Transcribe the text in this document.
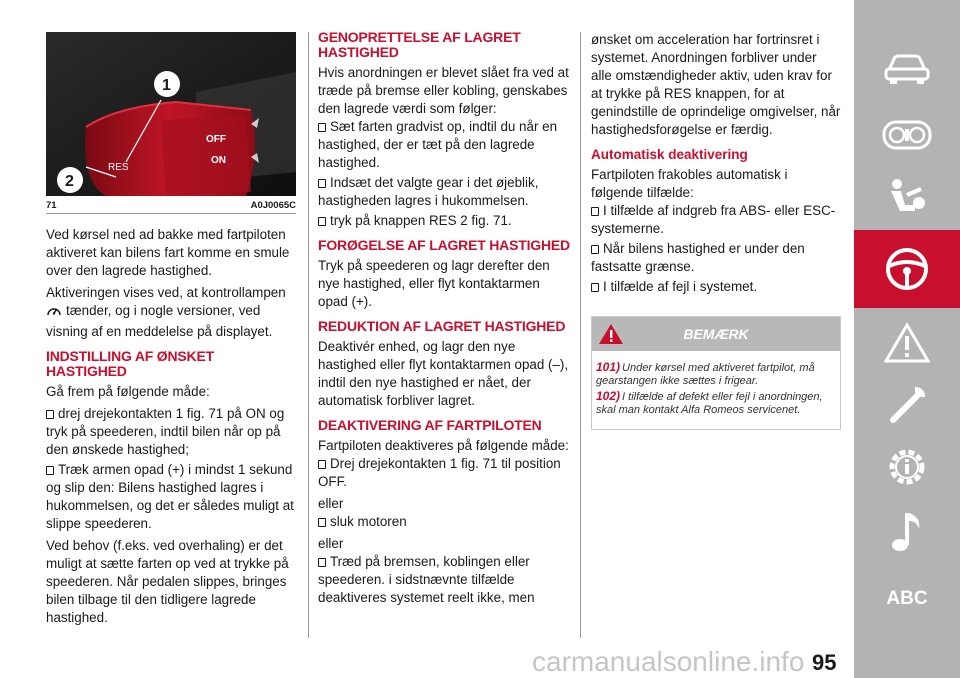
OFF
ON
RES
1
2
71	A0J0065C

Ved kørsel ned ad bakke med fartpiloten aktiveret kan bilens fart komme en smule over den lagrede hastighed.

Aktiveringen vises ved, at kontrollampen
tænder, og i nogle versioner, ved visning af en meddelelse på displayet.

INDSTILLING AF ØNSKET HASTIGHED

Gå frem på følgende måde:

drej drejekontakten 1 fig. 71 på ON og tryk på speederen, indtil bilen når op på den ønskede hastighed;

Træk armen opad (+) i mindst 1 sekund og slip den: Bilens hastighed lagres i hukommelsen, og det er således muligt at slippe speederen.

Ved behov (f.eks. ved overhaling) er det muligt at sætte farten op ved at trykke på speederen. Når pedalen slippes, bringes bilen tilbage til den tidligere lagrede hastighed.

GENOPRETTELSE AF LAGRET HASTIGHED

Hvis anordningen er blevet slået fra ved at træde på bremse eller kobling, genskabes den lagrede værdi som følger:

Sæt farten gradvist op, indtil du når en hastighed, der er tæt på den lagrede hastighed.

Indsæt det valgte gear i det øjeblik, hastigheden lagres i hukommelsen.

tryk på knappen RES 2 fig. 71.

FORØGELSE AF LAGRET HASTIGHED

Tryk på speederen og lagr derefter den nye hastighed, eller flyt kontaktarmen opad (+).

REDUKTION AF LAGRET HASTIGHED

Deaktivér enhed, og lagr den nye hastighed eller flyt kontaktarmen opad (–), indtil den nye hastighed er nået, der automatisk forbliver lagret.

DEAKTIVERING AF FARTPILOTEN

Fartpiloten deaktiveres på følgende måde:

Drej drejekontakten 1 fig. 71 til position OFF.

eller

sluk motoren

eller

Træd på bremsen, koblingen eller speederen. i sidstnævnte tilfælde deaktiveres systemet reelt ikke, men

ønsket om acceleration har fortrinsret i systemet. Anordningen forbliver under alle omstændigheder aktiv, uden krav for at trykke på RES knappen, for at genindstille de oprindelige omgivelser, når hastighedsforøgelse er færdig.

Automatisk deaktivering

Fartpiloten frakobles automatisk i følgende tilfælde:

I tilfælde af indgreb fra ABS- eller ESC-systemerne.

Når bilens hastighed er under den fastsatte grænse.

I tilfælde af fejl i systemet.

BEMÆRK
101) Under kørsel med aktiveret fartpilot, må gearstangen ikke sættes i frigear.
102) I tilfælde af defekt eller fejl i anordningen, skal man kontakt Alfa Romeos servicenet.
ABC
carmanualsonline.info 95
